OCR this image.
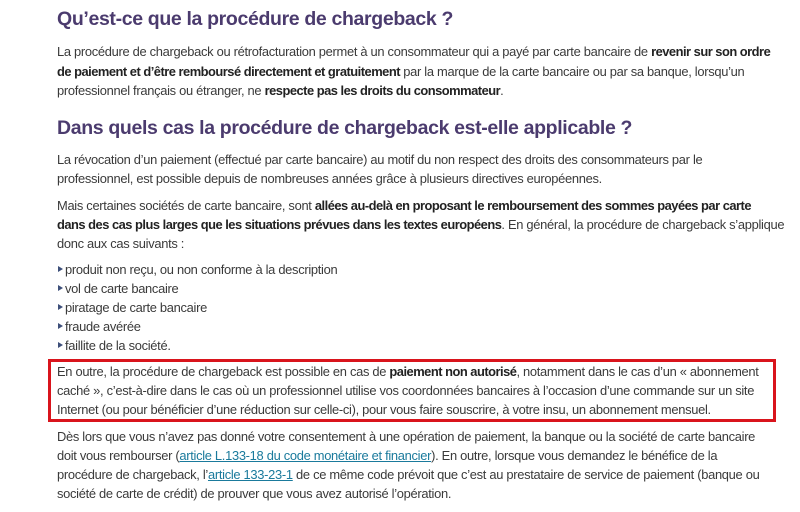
Qu’est-ce que la procédure de chargeback ?

La procédure de chargeback ou rétrofacturation permet à un consommateur qui a payé par carte bancaire de revenir sur son ordre
de paiement et d’être remboursé directement et gratuitement par la marque de la carte bancaire ou par sa banque, lorsqu’un
professionnel français ou étranger, ne respecte pas les droits du consommateur.

Dans quels cas la procédure de chargeback est-elle applicable ?

La révocation d’un paiement (effectué par carte bancaire) au motif du non respect des droits des consommateurs par le
professionnel, est possible depuis de nombreuses années grâce à plusieurs directives européennes.

Mais certaines sociétés de carte bancaire, sont allées au-delà en proposant le remboursement des sommes payées par carte
dans des cas plus larges que les situations prévues dans les textes européens. En général, la procédure de chargeback s’applique
donc aux cas suivants :

produit non reçu, ou non conforme à la description
vol de carte bancaire
piratage de carte bancaire
fraude avérée
faillite de la société.

En outre, la procédure de chargeback est possible en cas de paiement non autorisé, notamment dans le cas d’un « abonnement
caché », c’est-à-dire dans le cas où un professionnel utilise vos coordonnées bancaires à l’occasion d’une commande sur un site
Internet (ou pour bénéficier d’une réduction sur celle-ci), pour vous faire souscrire, à votre insu, un abonnement mensuel.

Dès lors que vous n’avez pas donné votre consentement à une opération de paiement, la banque ou la société de carte bancaire
doit vous rembourser (article L.133-18 du code monétaire et financier). En outre, lorsque vous demandez le bénéfice de la
procédure de chargeback, l’article 133-23-1 de ce même code prévoit que c’est au prestataire de service de paiement (banque ou
société de carte de crédit) de prouver que vous avez autorisé l’opération.
